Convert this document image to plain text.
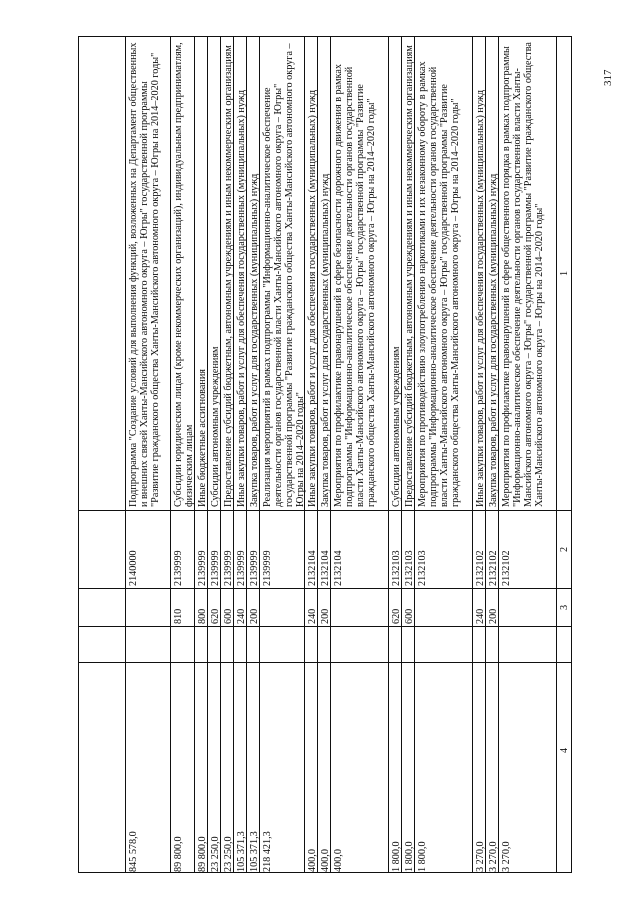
317
1
2
3
4
Мероприятия по профилактике правонарушений в сфере общественного порядка в рамках подпрограммы "Информационно-аналитическое обеспечение деятельности органов государственной власти Ханты-Мансийского автономного округа – Югры" государственной программы "Развитие гражданского общества Ханты-Мансийского автономного округа – Югры на 2014–2020 годы"
2132102
3 270,0
Закупка товаров, работ и услуг для государственных (муниципальных) нужд
2132102
200
3 270,0
Иные закупки товаров, работ и услуг для обеспечения государственных (муниципальных) нужд
2132102
240
3 270,0
Мероприятия по противодействию злоупотреблению наркотиками и их незаконному обороту в рамках подпрограммы "Информационно-аналитическое обеспечение деятельности органов государственной власти Ханты-Мансийского автономного округа – Югры" государственной программы "Развитие гражданского общества Ханты-Мансийского автономного округа – Югры на 2014–2020 годы"
2132103
1 800,0
Предоставление субсидий бюджетным, автономным учреждениям и иным некоммерческим организациям
2132103
600
1 800,0
Субсидии автономным учреждениям
2132103
620
1 800,0
Мероприятия по профилактике правонарушений в сфере безопасности дорожного движения в рамках подпрограммы "Информационно-аналитическое обеспечение деятельности органов государственной власти Ханты-Мансийского автономного округа – Югры" государственной программы "Развитие гражданского общества Ханты-Мансийского автономного округа – Югры на 2014–2020 годы"
2132104
400,0
Закупка товаров, работ и услуг для государственных (муниципальных) нужд
2132104
200
400,0
Иные закупки товаров, работ и услуг для обеспечения государственных (муниципальных) нужд
2132104
240
400,0
Реализация мероприятий в рамках подпрограммы "Информационно-аналитическое обеспечение деятельности органов государственной власти Ханты-Мансийского автономного округа – Югры" государственной программы "Развитие гражданского общества Ханты-Мансийского автономного округа – Югры на 2014–2020 годы"
2139999
218 421,3
Закупка товаров, работ и услуг для государственных (муниципальных) нужд
2139999
200
105 371,3
Иные закупки товаров, работ и услуг для обеспечения государственных (муниципальных) нужд
2139999
240
105 371,3
Предоставление субсидий бюджетным, автономным учреждениям и иным некоммерческим организациям
2139999
600
23 250,0
Субсидии автономным учреждениям
2139999
620
23 250,0
Иные бюджетные ассигнования
2139999
800
89 800,0
Субсидии юридическим лицам (кроме некоммерческих организаций), индивидуальным предприниматлям, физическим лицам
2139999
810
89 800,0
Подпрограмма "Создание условий для выполнения функций, возложенных на Департамент общественных и внешних связей Ханты-Мансийского автономного округа – Югры" государственной программы "Развитие гражданского общества Ханты-Мансийского автономного округа – Югры на 2014–2020 годы"
2140000
845 578,0
